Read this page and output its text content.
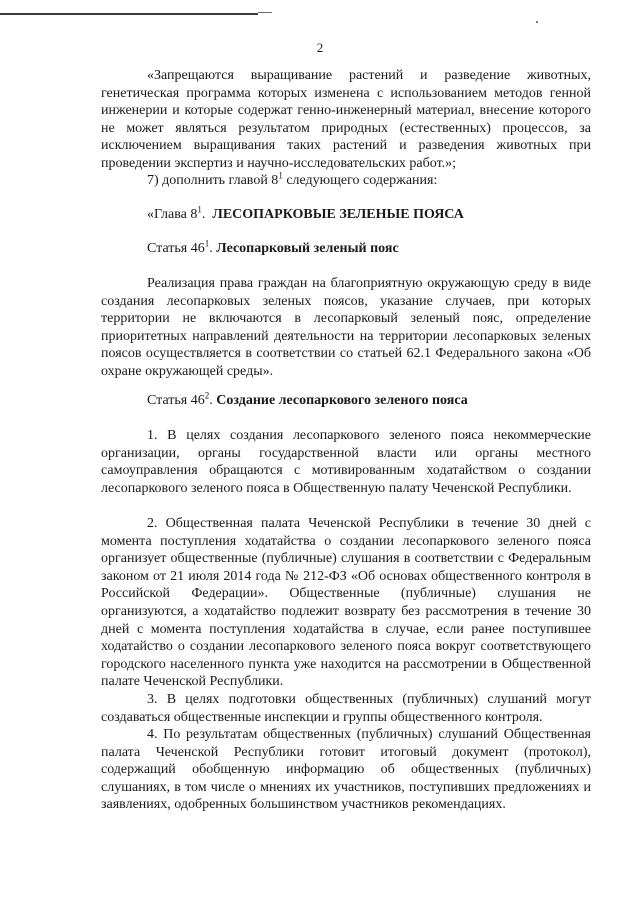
2
«Запрещаются выращивание растений и разведение животных, генетическая программа которых изменена с использованием методов генной инженерии и которые содержат генно-инженерный материал, внесение которого не может являться результатом природных (естественных) процессов, за исключением выращивания таких растений и разведения животных при проведении экспертиз и научно-исследовательских работ.»;
7) дополнить главой $8^1$ следующего содержания:
«Глава $8^1$. ЛЕСОПАРКОВЫЕ ЗЕЛЕНЫЕ ПОЯСА
Статья $46^1$. Лесопарковый зеленый пояс
Реализация права граждан на благоприятную окружающую среду в виде создания лесопарковых зеленых поясов, указание случаев, при которых территории не включаются в лесопарковый зеленый пояс, определение приоритетных направлений деятельности на территории лесопарковых зеленых поясов осуществляется в соответствии со статьей 62.1 Федерального закона «Об охране окружающей среды».
Статья $46^2$. Создание лесопаркового зеленого пояса
1. В целях создания лесопаркового зеленого пояса некоммерческие организации, органы государственной власти или органы местного самоуправления обращаются с мотивированным ходатайством о создании лесопаркового зеленого пояса в Общественную палату Чеченской Республики.
2. Общественная палата Чеченской Республики в течение 30 дней с момента поступления ходатайства о создании лесопаркового зеленого пояса организует общественные (публичные) слушания в соответствии с Федеральным законом от 21 июля 2014 года № 212-ФЗ «Об основах общественного контроля в Российской Федерации». Общественные (публичные) слушания не организуются, а ходатайство подлежит возврату без рассмотрения в течение 30 дней с момента поступления ходатайства в случае, если ранее поступившее ходатайство о создании лесопаркового зеленого пояса вокруг соответствующего городского населенного пункта уже находится на рассмотрении в Общественной палате Чеченской Республики.
3. В целях подготовки общественных (публичных) слушаний могут создаваться общественные инспекции и группы общественного контроля.
4. По результатам общественных (публичных) слушаний Общественная палата Чеченской Республики готовит итоговый документ (протокол), содержащий обобщенную информацию об общественных (публичных) слушаниях, в том числе о мнениях их участников, поступивших предложениях и заявлениях, одобренных большинством участников рекомендациях.
